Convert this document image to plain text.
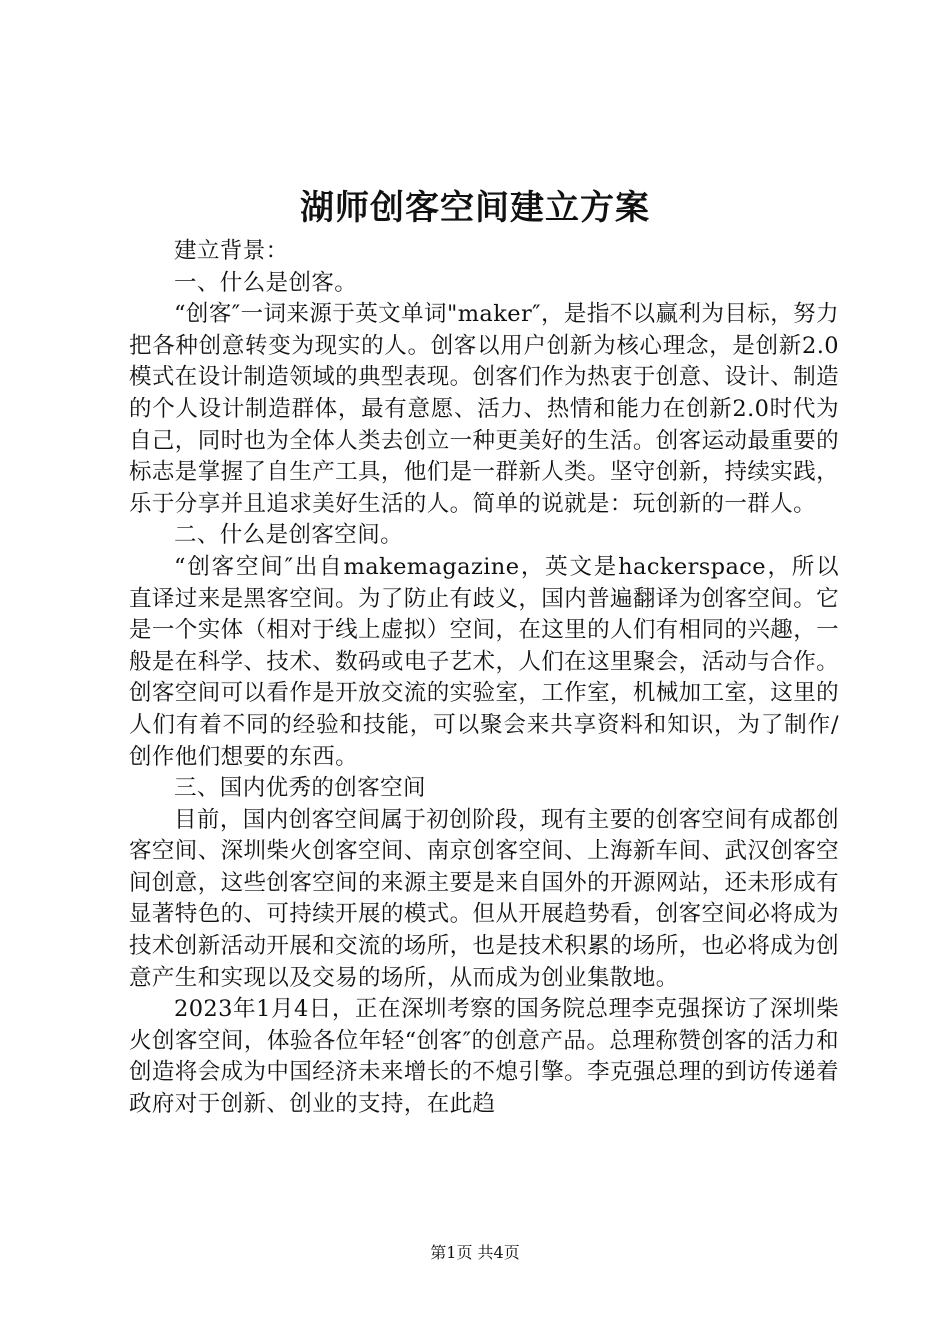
湖师创客空间建立方案

建立背景：

一、什么是创客。

“创客″一词来源于英文单词"maker″，是指不以赢利为目标，努力把各种创意转变为现实的人。创客以用户创新为核心理念，是创新2.0模式在设计制造领域的典型表现。创客们作为热衷于创意、设计、制造的个人设计制造群体，最有意愿、活力、热情和能力在创新2.0时代为自己，同时也为全体人类去创立一种更美好的生活。创客运动最重要的标志是掌握了自生产工具，他们是一群新人类。坚守创新，持续实践，乐于分享并且追求美好生活的人。简单的说就是：玩创新的一群人。

二、什么是创客空间。

“创客空间″出自makemagazine，英文是hackerspace，所以直译过来是黑客空间。为了防止有歧义，国内普遍翻译为创客空间。它是一个实体（相对于线上虚拟）空间，在这里的人们有相同的兴趣，一般是在科学、技术、数码或电子艺术，人们在这里聚会，活动与合作。创客空间可以看作是开放交流的实验室，工作室，机械加工室，这里的人们有着不同的经验和技能，可以聚会来共享资料和知识，为了制作/创作他们想要的东西。

三、国内优秀的创客空间

目前，国内创客空间属于初创阶段，现有主要的创客空间有成都创客空间、深圳柴火创客空间、南京创客空间、上海新车间、武汉创客空间创意，这些创客空间的来源主要是来自国外的开源网站，还未形成有显著特色的、可持续开展的模式。但从开展趋势看，创客空间必将成为技术创新活动开展和交流的场所，也是技术积累的场所，也必将成为创意产生和实现以及交易的场所，从而成为创业集散地。

2023年1月4日，正在深圳考察的国务院总理李克强探访了深圳柴火创客空间，体验各位年轻“创客″的创意产品。总理称赞创客的活力和创造将会成为中国经济未来增长的不熄引擎。李克强总理的到访传递着政府对于创新、创业的支持，在此趋

第1页 共4页
